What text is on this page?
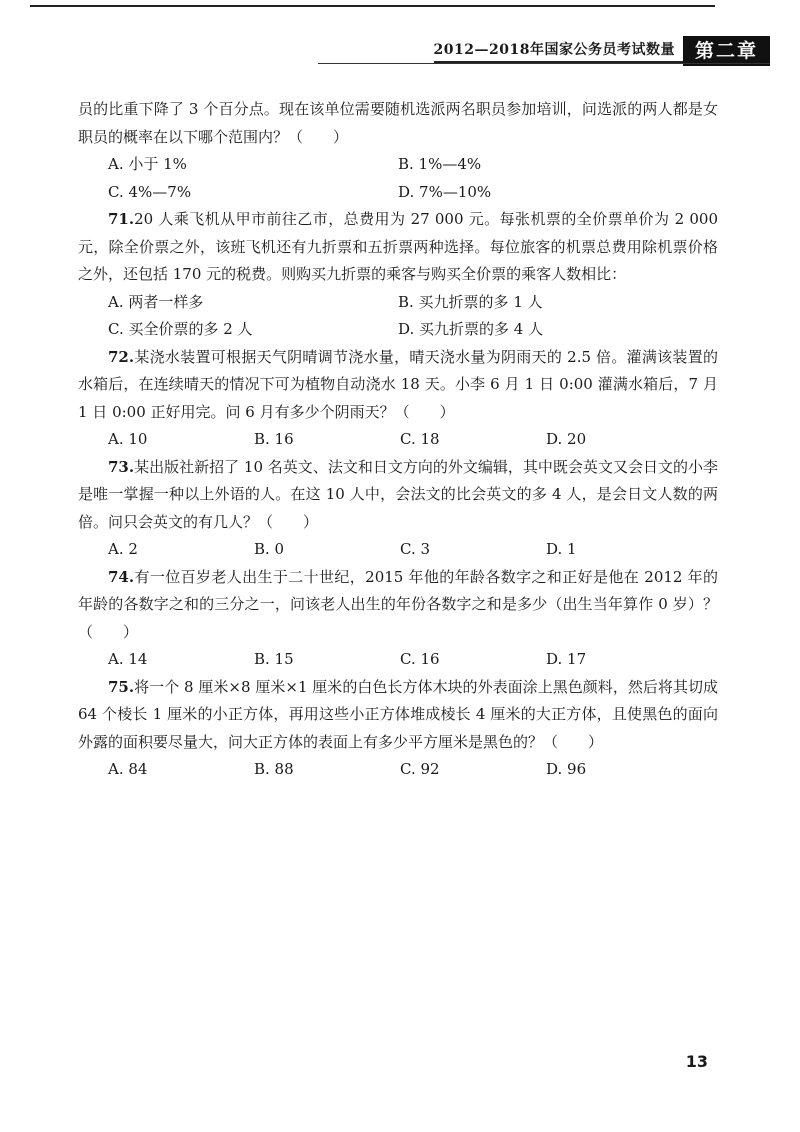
2012—2018年国家公务员考试数量	第二章

员的比重下降了 3 个百分点。现在该单位需要随机选派两名职员参加培训，问选派的两人都是女职员的概率在以下哪个范围内？（　　）

A. 小于 1%	B. 1%—4%
C. 4%—7%	D. 7%—10%

71.20 人乘飞机从甲市前往乙市，总费用为 27 000 元。每张机票的全价票单价为 2 000 元，除全价票之外，该班飞机还有九折票和五折票两种选择。每位旅客的机票总费用除机票价格之外，还包括 170 元的税费。则购买九折票的乘客与购买全价票的乘客人数相比：

A. 两者一样多	B. 买九折票的多 1 人
C. 买全价票的多 2 人	D. 买九折票的多 4 人

72.某浇水装置可根据天气阴晴调节浇水量，晴天浇水量为阴雨天的 2.5 倍。灌满该装置的水箱后，在连续晴天的情况下可为植物自动浇水 18 天。小李 6 月 1 日 0:00 灌满水箱后，7 月 1 日 0:00 正好用完。问 6 月有多少个阴雨天？（　　）

A. 10	B. 16	C. 18	D. 20

73.某出版社新招了 10 名英文、法文和日文方向的外文编辑，其中既会英文又会日文的小李是唯一掌握一种以上外语的人。在这 10 人中，会法文的比会英文的多 4 人，是会日文人数的两倍。问只会英文的有几人？（　　）

A. 2	B. 0	C. 3	D. 1

74.有一位百岁老人出生于二十世纪，2015 年他的年龄各数字之和正好是他在 2012 年的年龄的各数字之和的三分之一，问该老人出生的年份各数字之和是多少（出生当年算作 0 岁）？（　　）

A. 14	B. 15	C. 16	D. 17

75.将一个 8 厘米×8 厘米×1 厘米的白色长方体木块的外表面涂上黑色颜料，然后将其切成 64 个棱长 1 厘米的小正方体，再用这些小正方体堆成棱长 4 厘米的大正方体，且使黑色的面向外露的面积要尽量大，问大正方体的表面上有多少平方厘米是黑色的？（　　）

A. 84	B. 88	C. 92	D. 96
13
